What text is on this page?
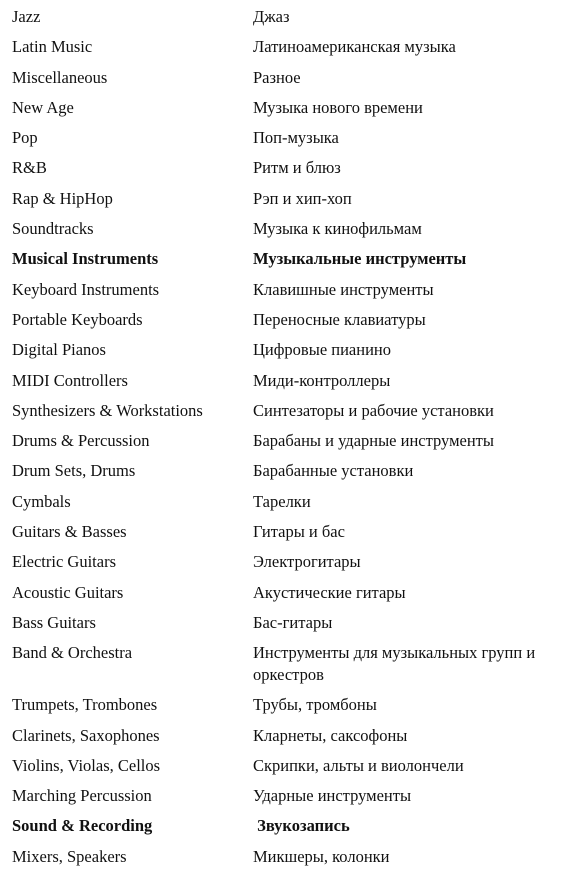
Jazz	Джаз
Latin Music	Латиноамериканская музыка
Miscellaneous	Разное
New Age	Музыка нового времени
Pop	Поп-музыка
R&B	Ритм и блюз
Rap & HipHop	Рэп и хип-хоп
Soundtracks	Музыка к кинофильмам
Musical Instruments	Музыкальные инструменты
Keyboard Instruments	Клавишные инструменты
Portable Keyboards	Переносные клавиатуры
Digital Pianos	Цифровые пианино
MIDI Controllers	Миди-контроллеры
Synthesizers & Workstations	Синтезаторы и рабочие установки
Drums & Percussion	Барабаны и ударные инструменты
Drum Sets, Drums	Барабанные установки
Cymbals	Тарелки
Guitars & Basses	Гитары и бас
Electric Guitars	Электрогитары
Acoustic Guitars	Акустические гитары
Bass Guitars	Бас-гитары
Band & Orchestra	Инструменты для музыкальных групп и оркестров
Trumpets, Trombones	Трубы, тромбоны
Clarinets, Saxophones	Кларнеты, саксофоны
Violins, Violas, Cellos	Скрипки, альты и виолончели
Marching Percussion	Ударные инструменты
Sound & Recording	Звукозапись
Mixers, Speakers	Микшеры, колонки
